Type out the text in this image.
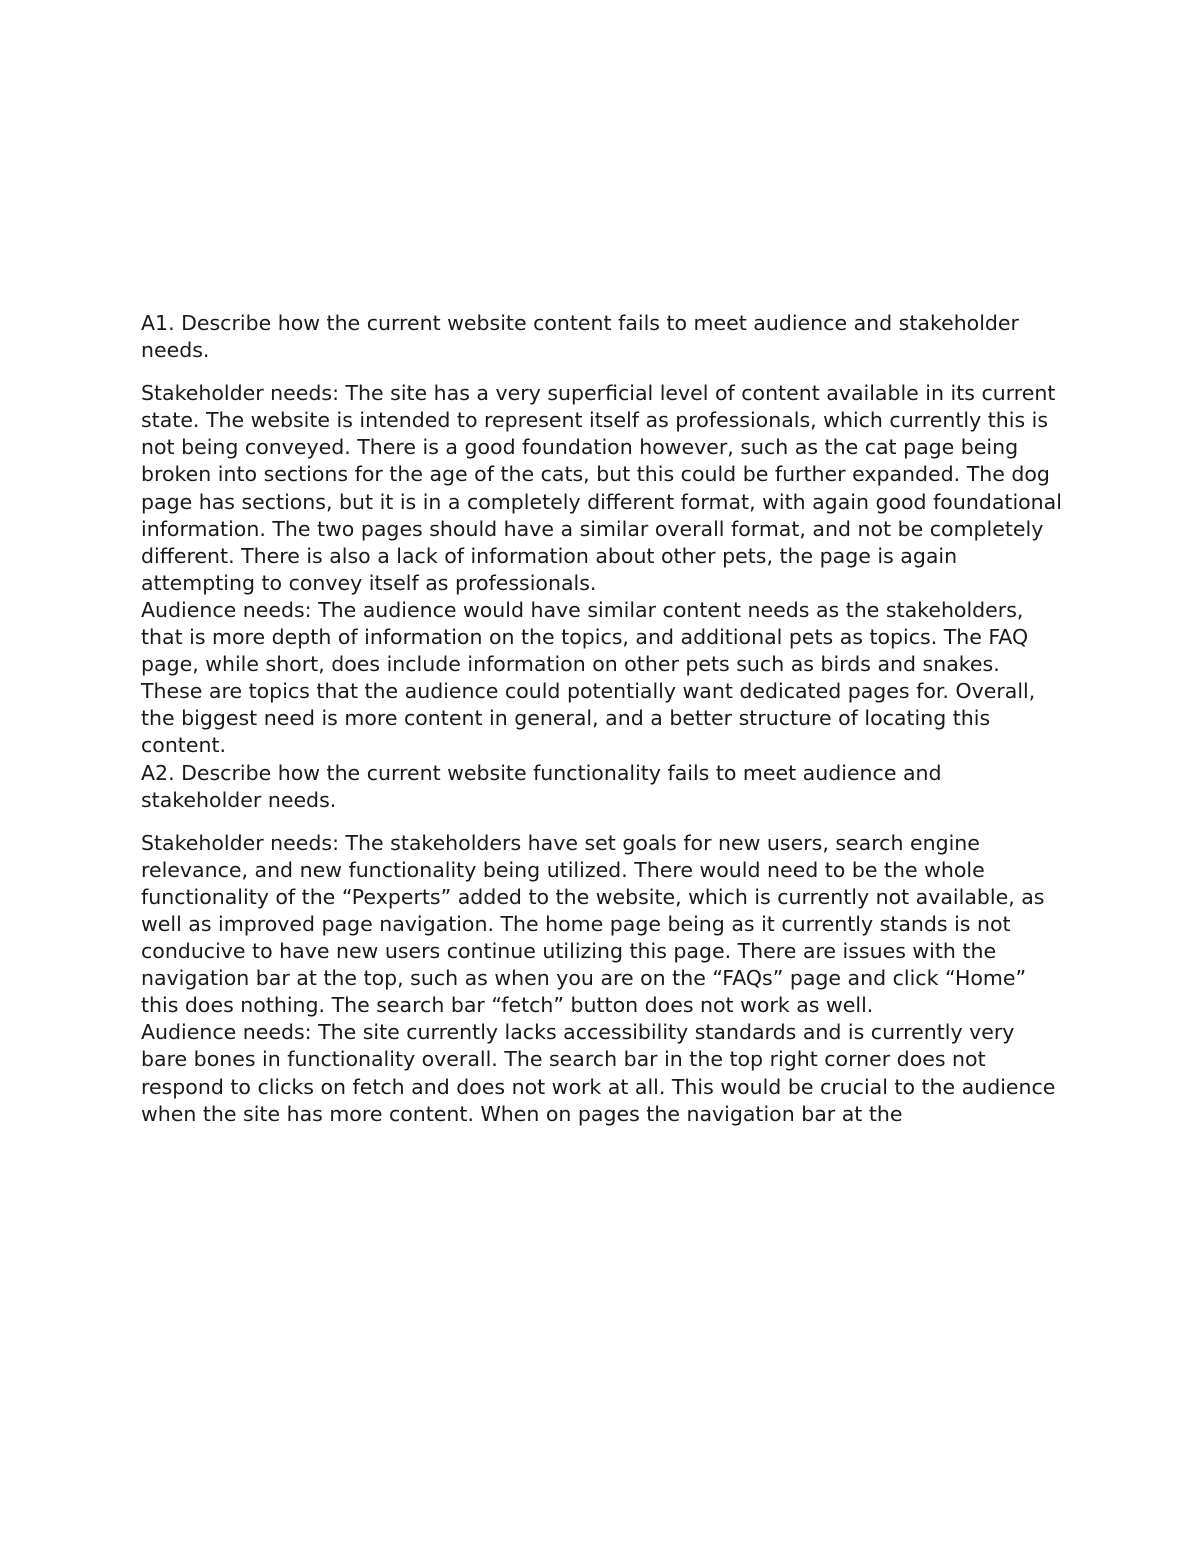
A1. Describe how the current website content fails to meet audience and stakeholder needs.

Stakeholder needs: The site has a very superficial level of content available in its current state. The website is intended to represent itself as professionals, which currently this is not being conveyed. There is a good foundation however, such as the cat page being broken into sections for the age of the cats, but this could be further expanded. The dog page has sections, but it is in a completely different format, with again good foundational information. The two pages should have a similar overall format, and not be completely different. There is also a lack of information about other pets, the page is again attempting to convey itself as professionals.

Audience needs: The audience would have similar content needs as the stakeholders, that is more depth of information on the topics, and additional pets as topics. The FAQ page, while short, does include information on other pets such as birds and snakes. These are topics that the audience could potentially want dedicated pages for. Overall, the biggest need is more content in general, and a better structure of locating this content.

A2. Describe how the current website functionality fails to meet audience and stakeholder needs.

Stakeholder needs: The stakeholders have set goals for new users, search engine relevance, and new functionality being utilized. There would need to be the whole functionality of the “Pexperts” added to the website, which is currently not available, as well as improved page navigation. The home page being as it currently stands is not conducive to have new users continue utilizing this page. There are issues with the navigation bar at the top, such as when you are on the “FAQs” page and click “Home” this does nothing. The search bar “fetch” button does not work as well.

Audience needs: The site currently lacks accessibility standards and is currently very bare bones in functionality overall. The search bar in the top right corner does not respond to clicks on fetch and does not work at all. This would be crucial to the audience when the site has more content. When on pages the navigation bar at the
